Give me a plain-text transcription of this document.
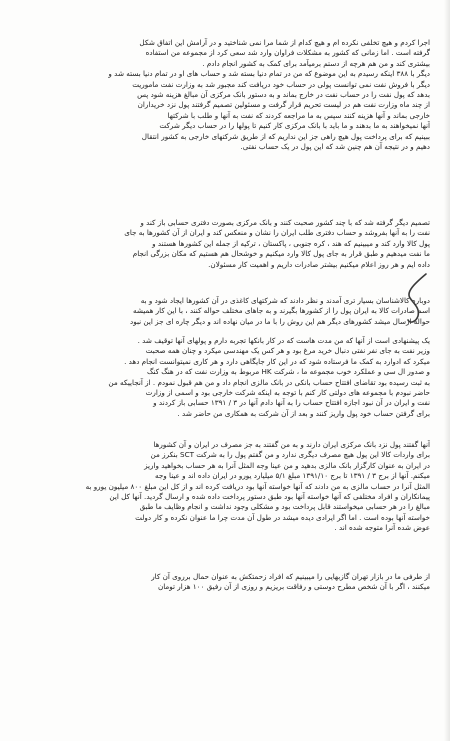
اجرا کردم و هیچ تخلفی نکرده ام و هیچ کدام از شما مرا نمی شناختید و در آرامش این اتفاق شکل
گرفته است . اما زمانی که کشور به مشکلات فراوان وارد شد سعی کرد از مجموعه من استفاده
بیشتری کند و من هم هرچه از دستم برمیآمد برای کمک به کشور انجام دادم .
دیگر با ۳۸۸ اینکه رسیدم به این موضوع که من در تمام دنیا بسته شد و حساب های او در تمام دنیا بسته شد و
دیگر با فروش نفت نمی توانست پولی در حساب خود دریافت کند مجبور شد به وزارت نفت ماموریت
بدهد که پول نفت را در حساب نفت در خارج بماند و به دستور بانک مرکزی آن مبالغ هزینه شود پس
از چند ماه وزارت نفت هم در لیست تحریم قرار گرفت و مسئولین تصمیم گرفتند پول نزد خریداران
خارجی بماند و آنها هزینه کنند سپس به ما مراجعه کردند که نفت به آنها و طلب با شرکتها
آنها نمیخواهند به ما بدهند و ما باید با بانک مرکزی کار کنیم تا پولها را در حساب دیگر شرکت
ببینیم که برای پرداخت پول هیچ راهی جز این نداریم که از طریق شرکتهای خارجی به کشور انتقال
دهیم و در نتیجه آن هم چنین شد که این پول در یک حساب نفتی.
تصمیم دیگر گرفته شد که با چند کشور صحبت کنند و بانک مرکزی بصورت دفتری حسابی باز کند و
نفت را به آنها بفروشد و حساب دفتری طلب ایران را نشان و منعکس کند و ایران از آن کشورها به جای
پول کالا وارد کند و میبینیم که هند ، کره جنوبی ، پاکستان ، ترکیه از جمله این کشورها هستند و
ما نفت میدهیم و طبق قرار به جای پول کالا وارد میکنیم و خوشحال هم هستیم که مکان بزرگی انجام
داده ایم و هر روز اعلام میکنیم بیشتر صادرات داریم و اهمیت کار مسئولان.
دوباره کالاشناسان بسیار تری آمدند و نظر دادند که شرکتهای کاغذی در آن کشورها ایجاد شود و به
اسم صادرات کالا به ایران پول را از کشورها بگیرند و به جاهای مختلف حواله کنند ، با این کار همیشه
حواله ارسال میشد کشورهای دیگر هم این روش را با ما در میان نهاده اند و دیگر چاره ای جز این نبود
یک پیشنهادی است از آنها که من مدت هاست که در کار بانکها تجربه دارم و پولهای آنها توقیف شد .
وزیر نفت به جای نفر نفتی دنبال خرید مرغ بود و هر کس یک مهندسی میکرد و چنان همه صحبت
میکرد که ادوارد به کمک ما فرستاده شود که در این کار جایگاهی دارد و هر کاری نمیتوانست انجام دهد .
و صدور ال سی و عملکرد خوب مجموعه ما ، شرکت HK مربوط به وزارت نفت که در هنگ کنگ
به ثبت رسیده بود تقاضای افتتاح حساب بانکی در بانک مالزی انجام داد و من هم قبول نمودم . از آنجاییکه من
حاضر نبودم با مجموعه های دولتی کار کنم با توجه به اینکه شرکت خارجی بود و اسمی از وزارت
نفت و ایران در آن نبود اجازه افتتاح حساب را به آنها دادم آنها در ۳ / ۱۳۹۱ حسابی باز کردند و
برای گرفتن حساب خود پول واریز کنند و بعد از آن شرکت به همکاری من حاضر شد .
آنها گفتند پول نزد بانک مرکزی ایران دارند و به من گفتند به جز مصرف در ایران و آن کشورها
برای واردات کالا این پول هیچ مصرف دیگری ندارد و من گفتم پول را به شرکت SCT بنکرز من
در ایران به عنوان کارگزار بانک مالزی بدهید و من عینا وجه المثل آنرا به هر حساب بخواهید واریز
میکنم. آنها از برج ۳ / ۱۳۹۱ تا برج ۱۳۹۱/۱۰ مبلغ ۵/۱ میلیارد یورو در ایران داده اند و عینا وجه
المثل آنرا در حساب مالزی به من دادند که آنها خواسته آنها بود دریافت کرده اند و از کل این مبلغ ۸۰۰ میلیون یورو به
پیمانکاران و افراد مختلفی که آنها خواسته آنها بود طبق دستور پرداخت داده شده و ارسال گردید. آنها کل این
مبالغ را در هر حسابی میخواستند قابل پرداخت بود و مشکلی وجود نداشت و انجام وظایف ما طبق
خواسته آنها بوده است . اما اگر ایرادی دیده میشد در طول آن مدت چرا ما عنوان نکرده و کار دولت
عوض شده آنرا متوجه شده اند .
از طرفی ما در بازار تهران گازبهایی را میبینیم که افراد زحمتکش به عنوان حمال برروی آن کار
میکنند ، اگر با آن شخص مطرح دوستی و رفاقت بریزیم و روزی از آن رفیق ۱۰۰ هزار تومان
